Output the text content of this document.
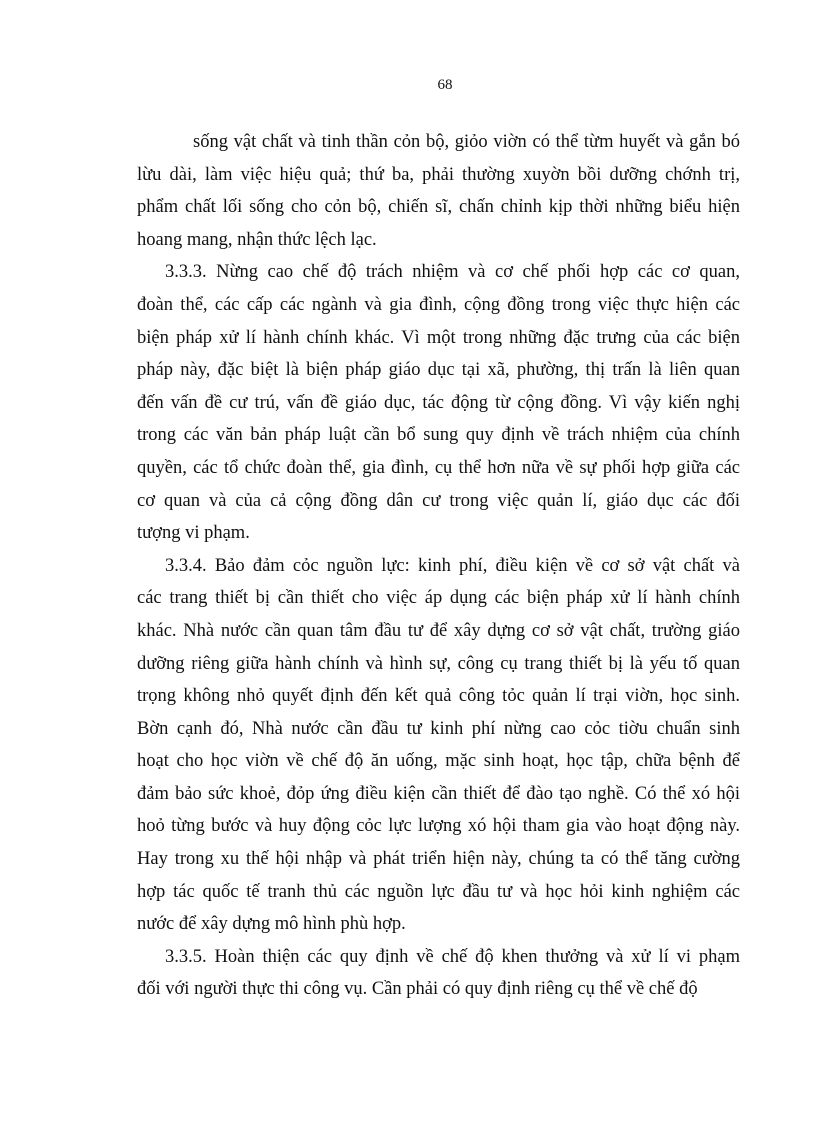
68
sống vật chất và tinh thần cỏn bộ, giỏo viờn có thể từm huyết và gắn bó
lừu dài, làm việc hiệu quả; thứ ba, phải thường xuyờn bồi dưỡng chớnh trị,
phẩm chất lối sống cho cỏn bộ, chiến sĩ, chấn chỉnh kịp thời những biểu hiện
hoang mang, nhận thức lệch lạc.
3.3.3. Nừng cao chế độ trách nhiệm và cơ chế phối hợp các cơ quan,
đoàn thể, các cấp các ngành và gia đình, cộng đồng trong việc thực hiện các
biện pháp xử lí hành chính khác. Vì một trong những đặc trưng của các biện
pháp này, đặc biệt là biện pháp giáo dục tại xã, phường, thị trấn là liên quan
đến vấn đề cư trú, vấn đề giáo dục, tác động từ cộng đồng. Vì vậy kiến nghị
trong các văn bản pháp luật cần bổ sung quy định về trách nhiệm của chính
quyền, các tổ chức đoàn thể, gia đình, cụ thể hơn nữa về sự phối hợp giữa các
cơ quan và của cả cộng đồng dân cư trong việc quản lí, giáo dục các đối
tượng vi phạm.
3.3.4. Bảo đảm cỏc nguồn lực: kinh phí, điều kiện về cơ sở vật chất và
các trang thiết bị cần thiết cho việc áp dụng các biện pháp xử lí hành chính
khác. Nhà nước cần quan tâm đầu tư để xây dựng cơ sở vật chất, trường giáo
dưỡng riêng giữa hành chính và hình sự, công cụ trang thiết bị là yếu tố quan
trọng không nhỏ quyết định đến kết quả công tỏc quản lí trại viờn, học sinh.
Bờn cạnh đó, Nhà nước cần đầu tư kinh phí nừng cao cỏc tiờu chuẩn sinh
hoạt cho học viờn về chế độ ăn uống, mặc sinh hoạt, học tập, chữa bệnh để
đảm bảo sức khoẻ, đỏp ứng điều kiện cần thiết để đào tạo nghề. Có thể xó hội
hoỏ từng bước và huy động cỏc lực lượng xó hội tham gia vào hoạt động này.
Hay trong xu thế hội nhập và phát triển hiện này, chúng ta có thể tăng cường
hợp tác quốc tế tranh thủ các nguồn lực đầu tư và học hỏi kinh nghiệm các
nước để xây dựng mô hình phù hợp.
3.3.5. Hoàn thiện các quy định về chế độ khen thưởng và xử lí vi phạm
đối với người thực thi công vụ. Cần phải có quy định riêng cụ thể về chế độ
